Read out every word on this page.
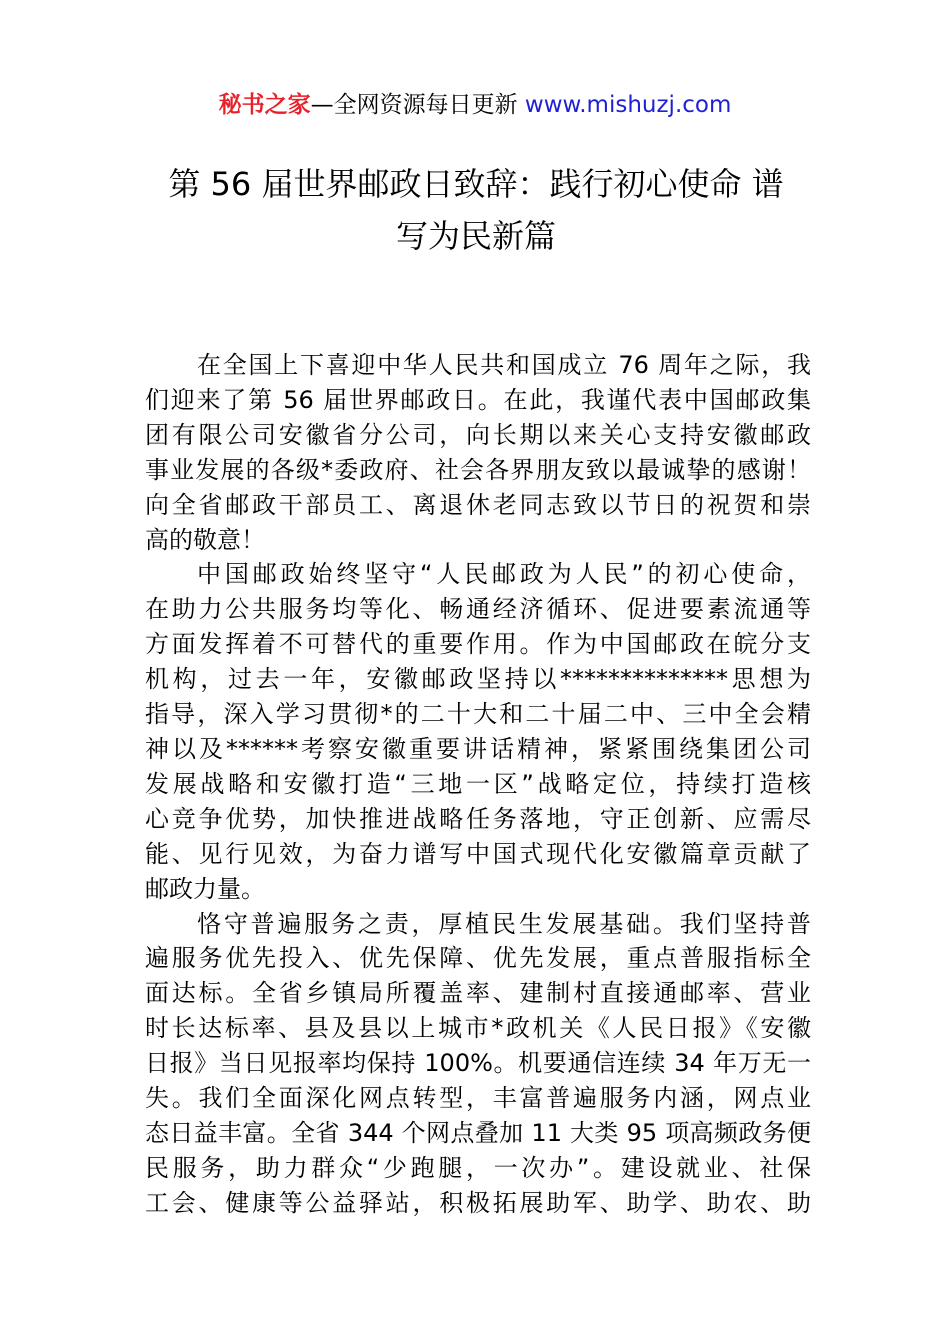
秘书之家—全网资源每日更新 www.mishuzj.com
第 56 届世界邮政日致辞：践行初心使命 谱
写为民新篇

在全国上下喜迎中华人民共和国成立 76 周年之际，我
们迎来了第 56 届世界邮政日。在此，我谨代表中国邮政集
团有限公司安徽省分公司，向长期以来关心支持安徽邮政
事业发展的各级*委政府、社会各界朋友致以最诚挚的感谢！
向全省邮政干部员工、离退休老同志致以节日的祝贺和崇
高的敬意！

中国邮政始终坚守“人民邮政为人民”的初心使命，
在助力公共服务均等化、畅通经济循环、促进要素流通等
方面发挥着不可替代的重要作用。作为中国邮政在皖分支
机构，过去一年，安徽邮政坚持以**************思想为
指导，深入学习贯彻*的二十大和二十届二中、三中全会精
神以及******考察安徽重要讲话精神，紧紧围绕集团公司
发展战略和安徽打造“三地一区”战略定位，持续打造核
心竞争优势，加快推进战略任务落地，守正创新、应需尽
能、见行见效，为奋力谱写中国式现代化安徽篇章贡献了
邮政力量。

恪守普遍服务之责，厚植民生发展基础。我们坚持普
遍服务优先投入、优先保障、优先发展，重点普服指标全
面达标。全省乡镇局所覆盖率、建制村直接通邮率、营业
时长达标率、县及县以上城市*政机关《人民日报》《安徽
日报》当日见报率均保持 100%。机要通信连续 34 年万无一
失。我们全面深化网点转型，丰富普遍服务内涵，网点业
态日益丰富。全省 344 个网点叠加 11 大类 95 项高频政务便
民服务，助力群众“少跑腿，一次办”。建设就业、社保
工会、健康等公益驿站，积极拓展助军、助学、助农、助
